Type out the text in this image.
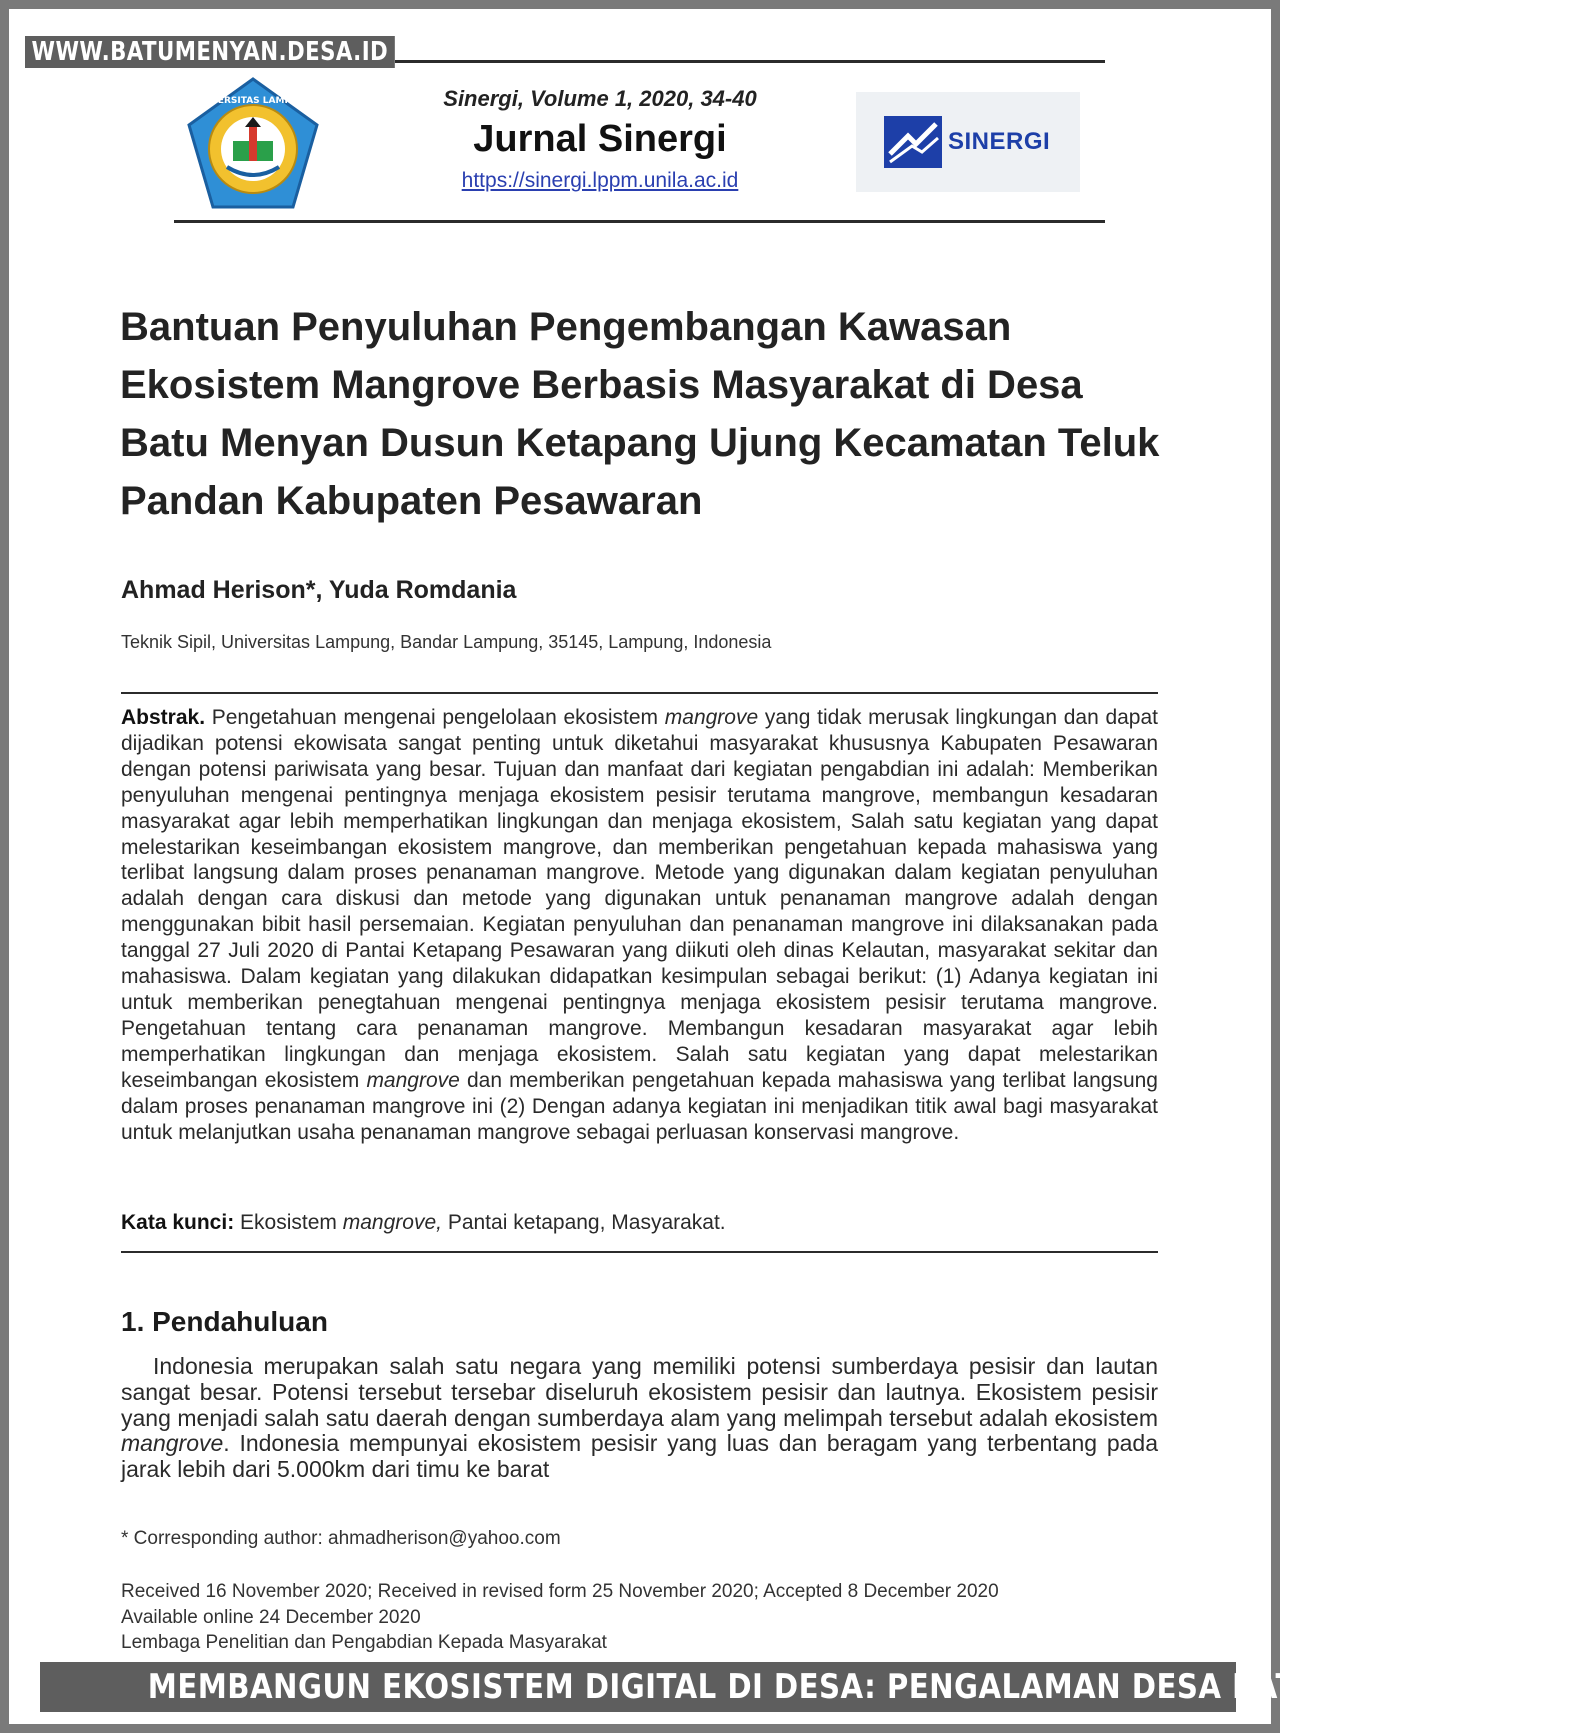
WWW.BATUMENYAN.DESA.ID
UNIVERSITAS LAMPUNG	Sinergi, Volume 1, 2020, 34-40
Jurnal Sinergi
https://sinergi.lppm.unila.ac.id
SINERGI
Bantuan Penyuluhan Pengembangan Kawasan Ekosistem Mangrove Berbasis Masyarakat di Desa Batu Menyan Dusun Ketapang Ujung Kecamatan Teluk Pandan Kabupaten Pesawaran
Ahmad Herison*, Yuda Romdania
Teknik Sipil, Universitas Lampung, Bandar Lampung, 35145, Lampung, Indonesia
Abstrak. Pengetahuan mengenai pengelolaan ekosistem mangrove yang tidak merusak lingkungan dan dapat dijadikan potensi ekowisata sangat penting untuk diketahui masyarakat khususnya Kabupaten Pesawaran dengan potensi pariwisata yang besar. Tujuan dan manfaat dari kegiatan pengabdian ini adalah: Memberikan penyuluhan mengenai pentingnya menjaga ekosistem pesisir terutama mangrove, membangun kesadaran masyarakat agar lebih memperhatikan lingkungan dan menjaga ekosistem, Salah satu kegiatan yang dapat melestarikan keseimbangan ekosistem mangrove, dan memberikan pengetahuan kepada mahasiswa yang terlibat langsung dalam proses penanaman mangrove. Metode yang digunakan dalam kegiatan penyuluhan adalah dengan cara diskusi dan metode yang digunakan untuk penanaman mangrove adalah dengan menggunakan bibit hasil persemaian. Kegiatan penyuluhan dan penanaman mangrove ini dilaksanakan pada tanggal 27 Juli 2020 di Pantai Ketapang Pesawaran yang diikuti oleh dinas Kelautan, masyarakat sekitar dan mahasiswa. Dalam kegiatan yang dilakukan didapatkan kesimpulan sebagai berikut: (1) Adanya kegiatan ini untuk memberikan penegtahuan mengenai pentingnya menjaga ekosistem pesisir terutama mangrove. Pengetahuan tentang cara penanaman mangrove. Membangun kesadaran masyarakat agar lebih memperhatikan lingkungan dan menjaga ekosistem. Salah satu kegiatan yang dapat melestarikan keseimbangan ekosistem mangrove dan memberikan pengetahuan kepada mahasiswa yang terlibat langsung dalam proses penanaman mangrove ini (2) Dengan adanya kegiatan ini menjadikan titik awal bagi masyarakat untuk melanjutkan usaha penanaman mangrove sebagai perluasan konservasi mangrove.
Kata kunci: Ekosistem mangrove, Pantai ketapang, Masyarakat.
1. Pendahuluan
Indonesia merupakan salah satu negara yang memiliki potensi sumberdaya pesisir dan lautan sangat besar. Potensi tersebut tersebar diseluruh ekosistem pesisir dan lautnya. Ekosistem pesisir yang menjadi salah satu daerah dengan sumberdaya alam yang melimpah tersebut adalah ekosistem mangrove. Indonesia mempunyai ekosistem pesisir yang luas dan beragam yang terbentang pada jarak lebih dari 5.000km dari timu ke barat
* Corresponding author: ahmadherison@yahoo.com
Received 16 November 2020; Received in revised form 25 November 2020; Accepted 8 December 2020
Available online 24 December 2020
Lembaga Penelitian dan Pengabdian Kepada Masyarakat
MEMBANGUN EKOSISTEM DIGITAL DI DESA: PENGALAMAN DESA BATU MENYAN
